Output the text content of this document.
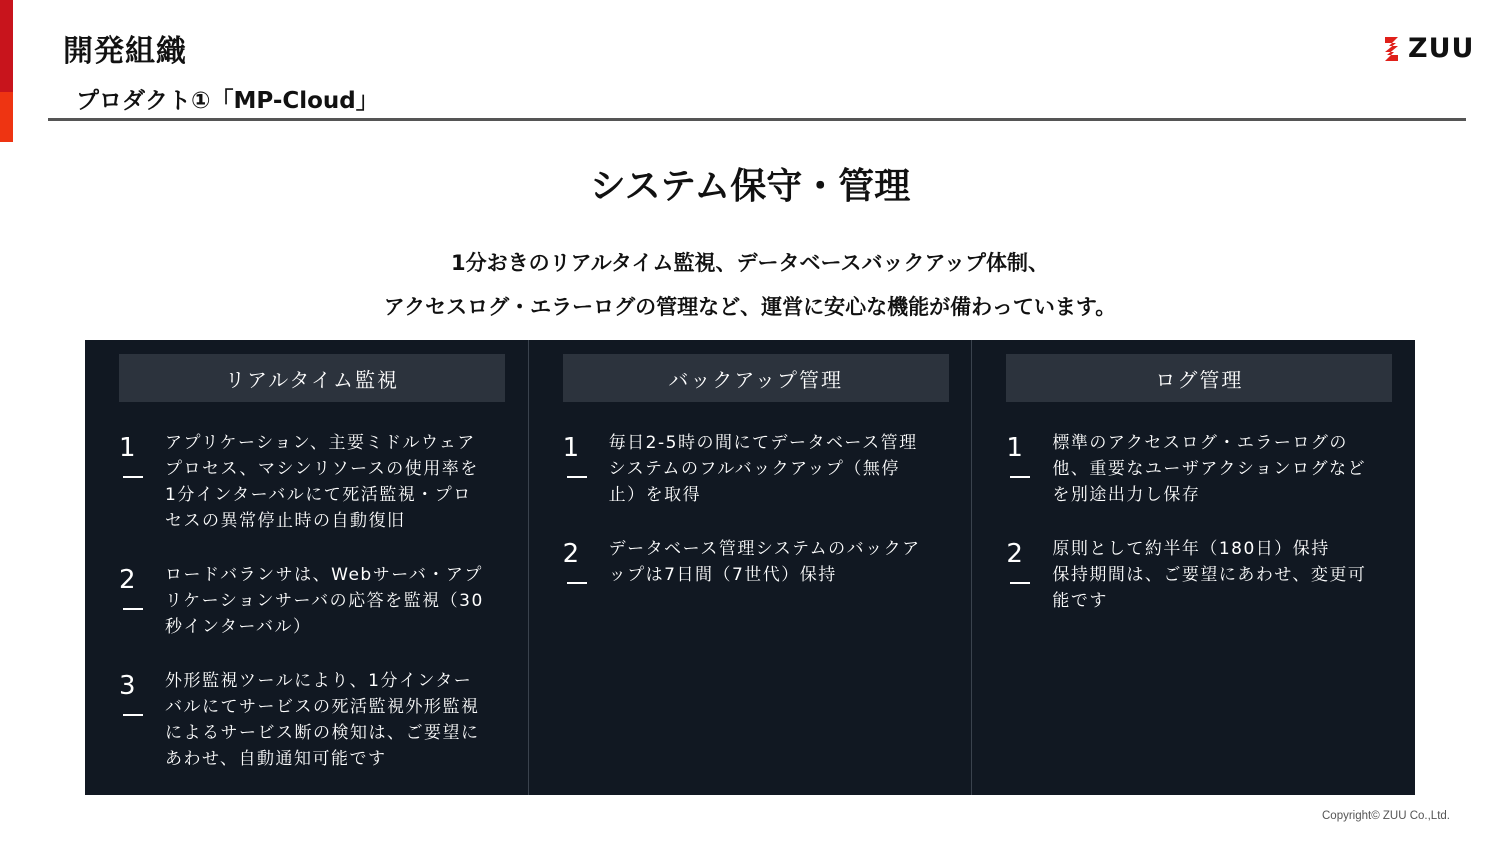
開発組織
プロダクト①「MP-Cloud」
ZUU
システム保守・管理
1分おきのリアルタイム監視、データベースバックアップ体制、
アクセスログ・エラーログの管理など、運営に安心な機能が備わっています。
リアルタイム監視
1	アプリケーション、主要ミドルウェア
プロセス、マシンリソースの使用率を
1分インターバルにて死活監視・プロ
セスの異常停止時の自動復旧
2	ロードバランサは、Webサーバ・アプ
リケーションサーバの応答を監視（30
秒インターバル）
3	外形監視ツールにより、1分インター
バルにてサービスの死活監視外形監視
によるサービス断の検知は、ご要望に
あわせ、自動通知可能です
バックアップ管理
1	毎日2-5時の間にてデータベース管理
システムのフルバックアップ（無停
止）を取得
2	データベース管理システムのバックア
ップは7日間（7世代）保持
ログ管理
1	標準のアクセスログ・エラーログの
他、重要なユーザアクションログなど
を別途出力し保存
2	原則として約半年（180日）保持
保持期間は、ご要望にあわせ、変更可
能です
Copyright© ZUU Co.,Ltd.
